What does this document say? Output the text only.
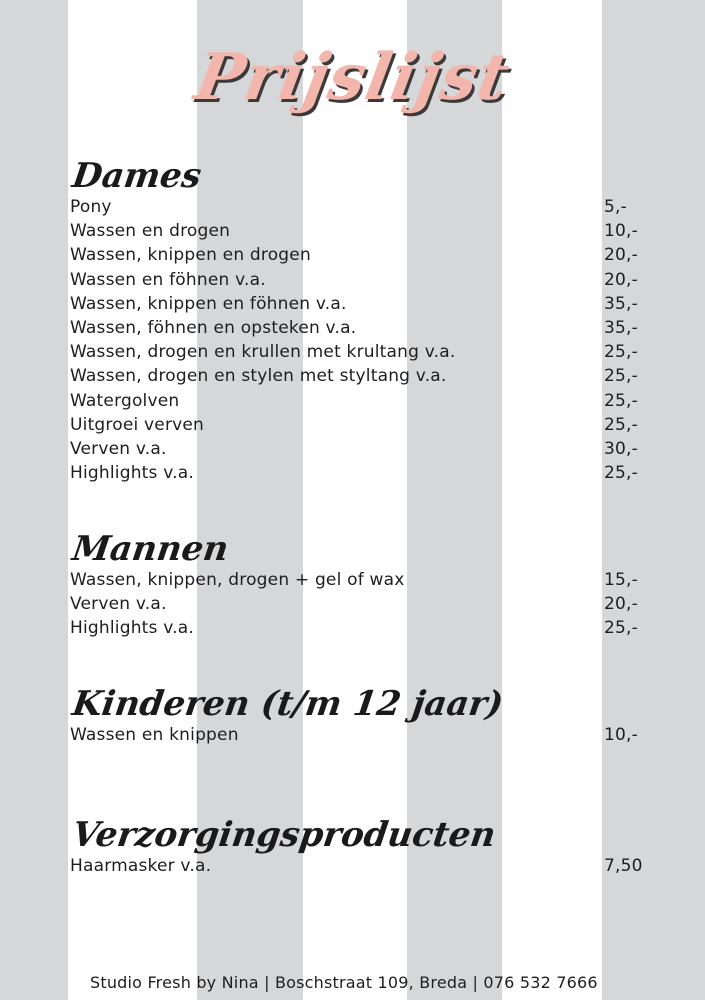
Prijslijst
Dames
Pony	5,-
Wassen en drogen	10,-
Wassen, knippen en drogen	20,-
Wassen en föhnen v.a.	20,-
Wassen, knippen en föhnen v.a.	35,-
Wassen, föhnen en opsteken v.a.	35,-
Wassen, drogen en krullen met krultang v.a.	25,-
Wassen, drogen en stylen met styltang v.a.	25,-
Watergolven	25,-
Uitgroei verven	25,-
Verven v.a.	30,-
Highlights v.a.	25,-
Mannen
Wassen, knippen, drogen + gel of wax	15,-
Verven v.a.	20,-
Highlights v.a.	25,-
Kinderen (t/m 12 jaar)
Wassen en knippen	10,-
Verzorgingsproducten
Haarmasker v.a.	7,50
Studio Fresh by Nina | Boschstraat 109, Breda | 076 532 7666
